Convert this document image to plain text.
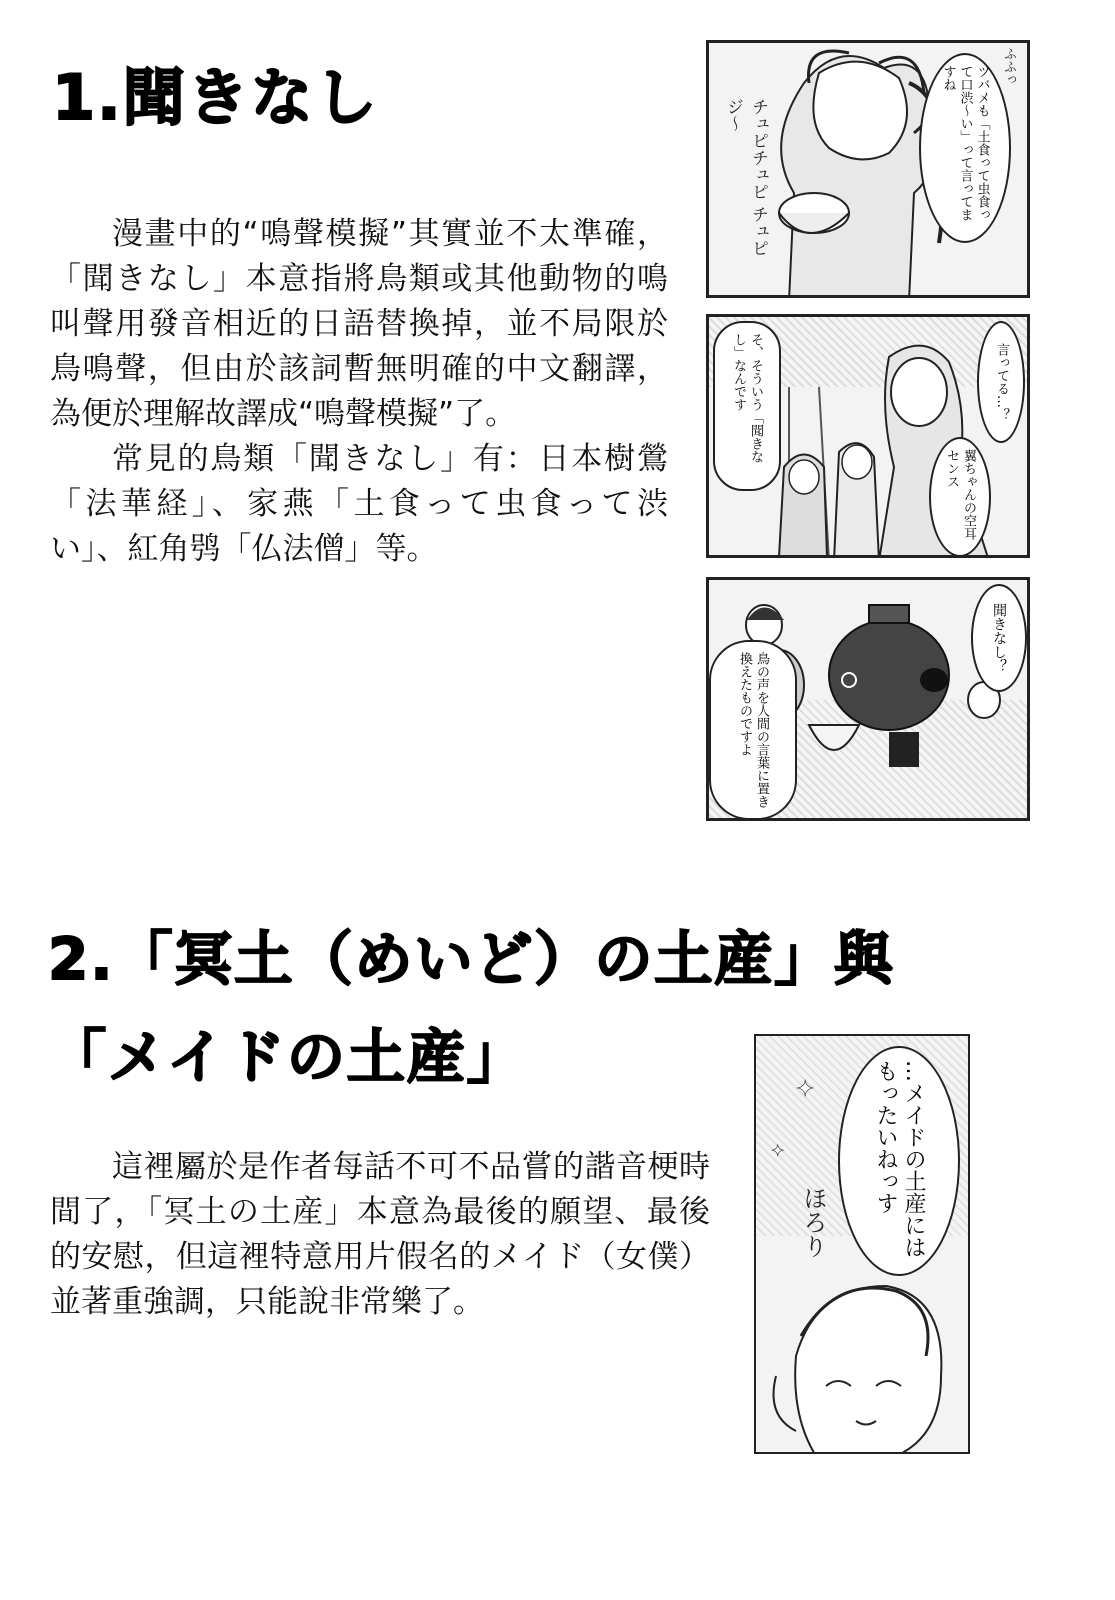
1.聞きなし

漫畫中的“鳴聲模擬”其實並不太準確，「聞きなし」本意指將鳥類或其他動物的鳴叫聲用發音相近的日語替換掉，並不局限於鳥鳴聲，但由於該詞暫無明確的中文翻譯，為便於理解故譯成“鳴聲模擬”了。

常見的鳥類「聞きなし」有：日本樹鶯「法華経」、家燕「土食って虫食って渋い」、紅角鸮「仏法僧」等。

チュピチュピ チュピジ〜
ふふっ
ツバメも「土食って虫食って口渋〜い」って言ってますね
そ、そういう「聞きなし」なんです	言ってる…？
翼ちゃんの空耳センス
聞きなし？
鳥の声を人間の言葉に置き換えたものですよ
2.「冥土（めいど）の土産」與
「メイドの土産」

這裡屬於是作者每話不可不品嘗的諧音梗時間了，「冥土の土産」本意為最後的願望、最後的安慰，但這裡特意用片假名的メイド（女僕）並著重強調，只能說非常樂了。

✦
✦	…メイドの土産にはもったいねっす
ほろり
